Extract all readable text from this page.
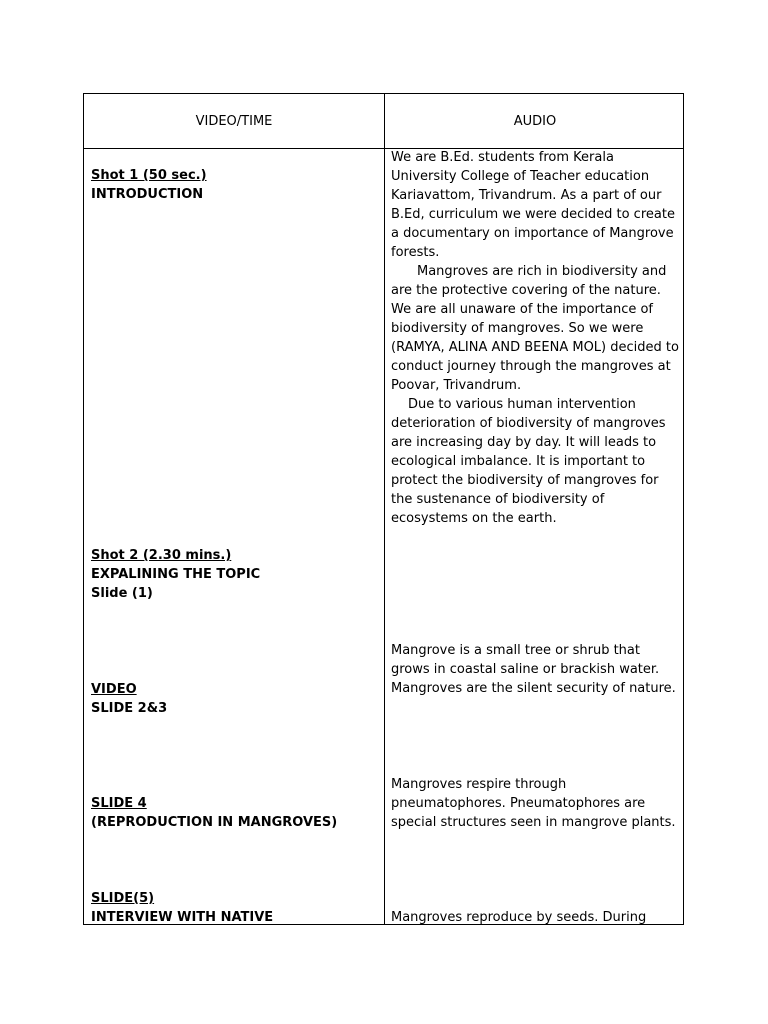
VIDEO/TIME	AUDIO
Shot 1 (50 sec.)
INTRODUCTION
Shot 2 (2.30 mins.)
EXPALINING THE TOPIC
Slide (1)
VIDEO
SLIDE 2&3
SLIDE 4
(REPRODUCTION IN MANGROVES)
SLIDE(5)
INTERVIEW WITH NATIVE

We are B.Ed. students from Kerala University College of Teacher education Kariavattom, Trivandrum. As a part of our B.Ed, curriculum we were decided to create a documentary on importance of Mangrove forests.

Mangroves are rich in biodiversity and are the protective covering of the nature. We are all unaware of the importance of biodiversity of mangroves. So we were (RAMYA, ALINA AND BEENA MOL) decided to conduct journey through the mangroves at Poovar, Trivandrum.

Due to various human intervention deterioration of biodiversity of mangroves are increasing day by day. It will leads to ecological imbalance. It is important to protect the biodiversity of mangroves for the sustenance of biodiversity of ecosystems on the earth.

Mangrove is a small tree or shrub that grows in coastal saline or brackish water. Mangroves are the silent security of nature.

Mangroves respire through pneumatophores. Pneumatophores are special structures seen in mangrove plants.

Mangroves reproduce by seeds. During
